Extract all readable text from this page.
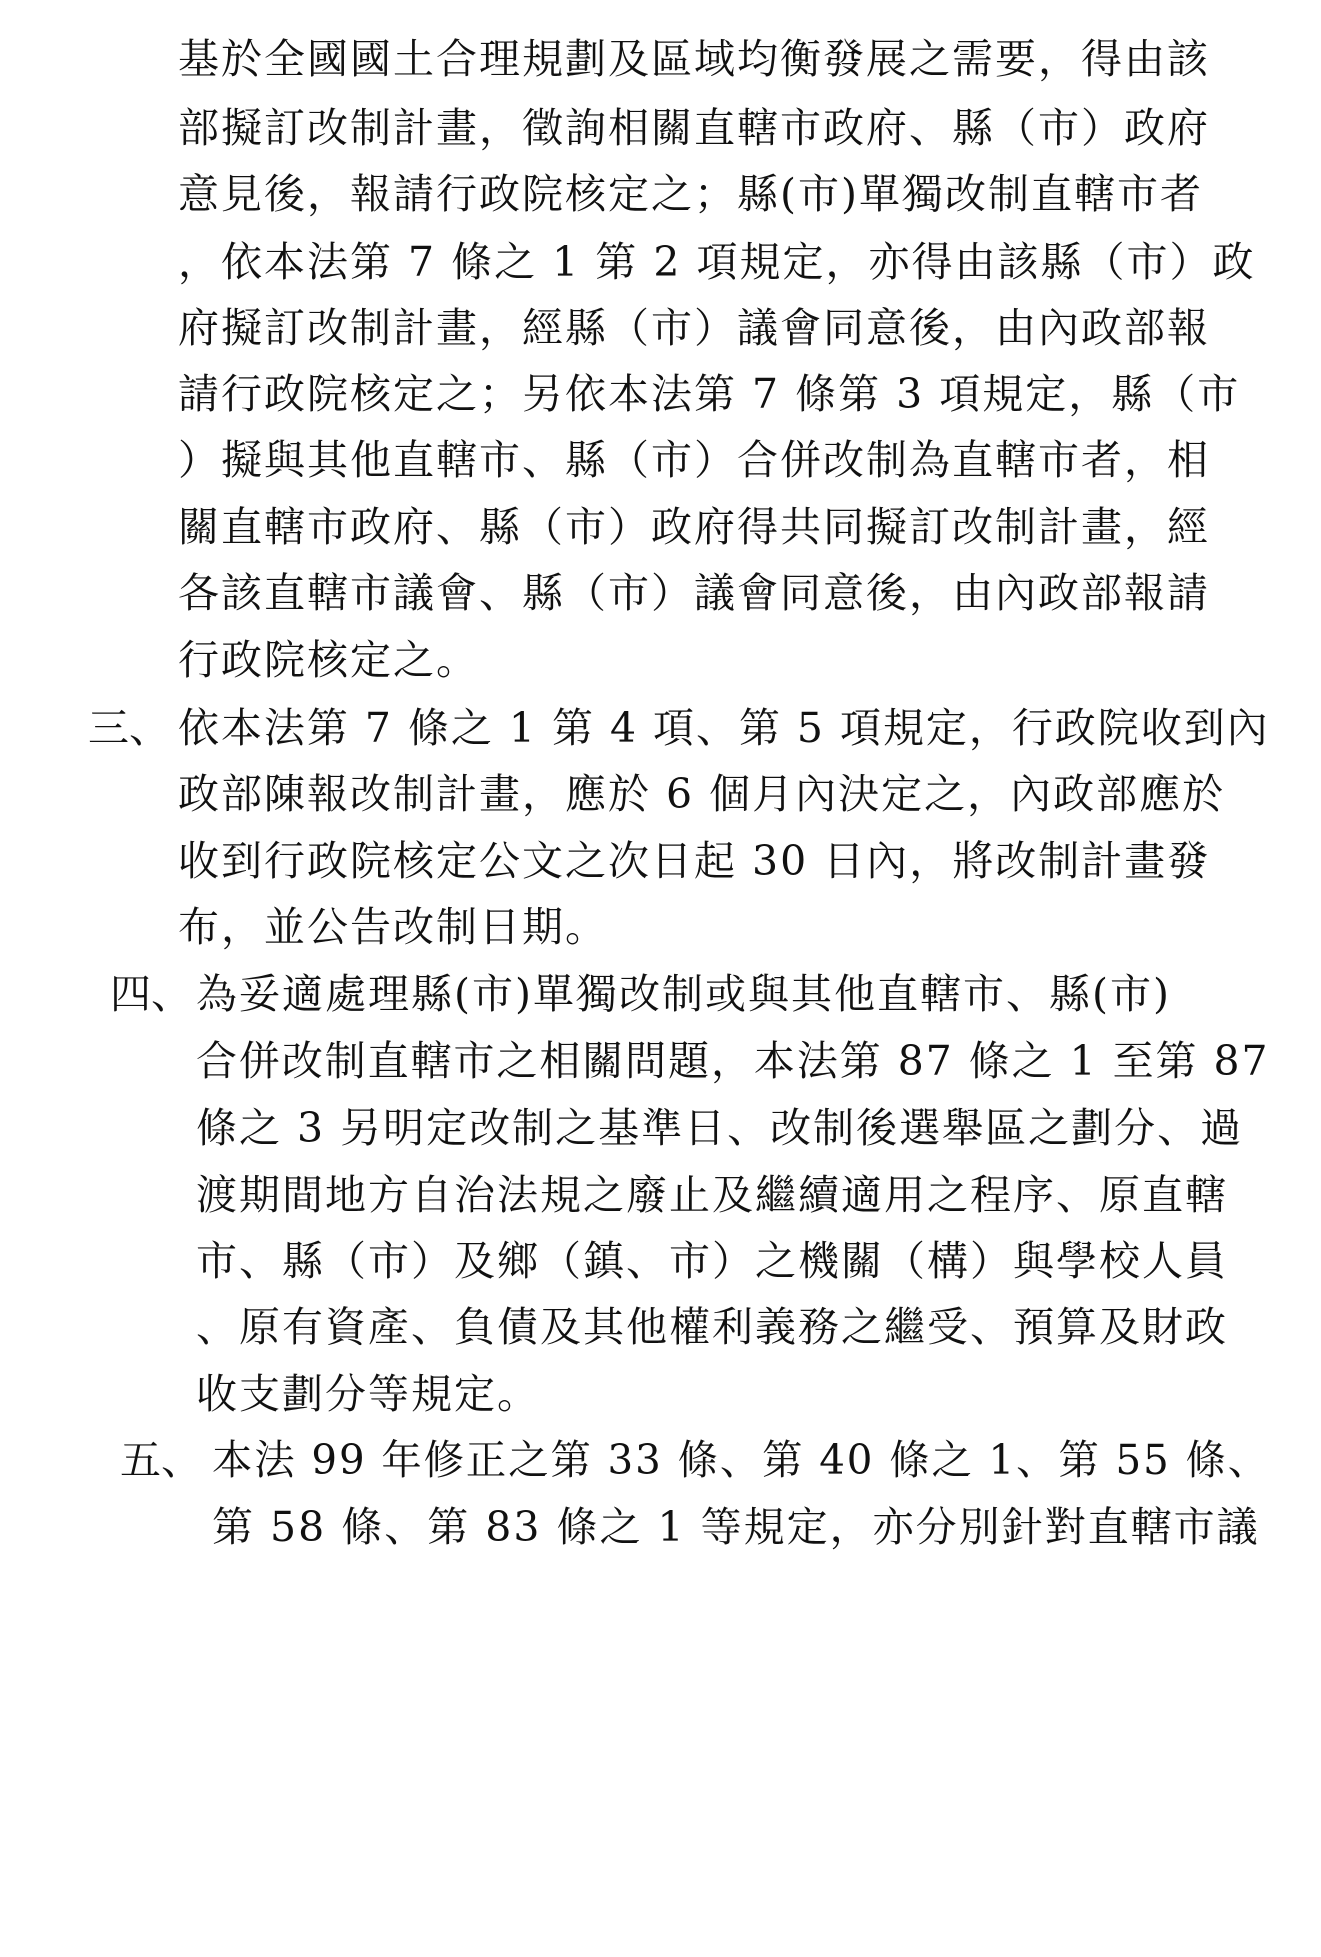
基於全國國土合理規劃及區域均衡發展之需要，得由該
部擬訂改制計畫，徵詢相關直轄市政府、縣（市）政府
意見後，報請行政院核定之；縣(市)單獨改制直轄市者
，依本法第 7 條之 1 第 2 項規定，亦得由該縣（市）政
府擬訂改制計畫，經縣（市）議會同意後，由內政部報
請行政院核定之；另依本法第 7 條第 3 項規定，縣（市
）擬與其他直轄市、縣（市）合併改制為直轄市者，相
關直轄市政府、縣（市）政府得共同擬訂改制計畫，經
各該直轄市議會、縣（市）議會同意後，由內政部報請
行政院核定之。
三、 依本法第 7 條之 1 第 4 項、第 5 項規定，行政院收到內
政部陳報改制計畫，應於 6 個月內決定之，內政部應於
收到行政院核定公文之次日起 30 日內，將改制計畫發
布，並公告改制日期。
四、 為妥適處理縣(市)單獨改制或與其他直轄市、縣(市)
合併改制直轄市之相關問題，本法第 87 條之 1 至第 87
條之 3 另明定改制之基準日、改制後選舉區之劃分、過
渡期間地方自治法規之廢止及繼續適用之程序、原直轄
市、縣（市）及鄉（鎮、市）之機關（構）與學校人員
、原有資產、負債及其他權利義務之繼受、預算及財政
收支劃分等規定。
五、 本法 99 年修正之第 33 條、第 40 條之 1、第 55 條、
第 58 條、第 83 條之 1 等規定，亦分別針對直轄市議
